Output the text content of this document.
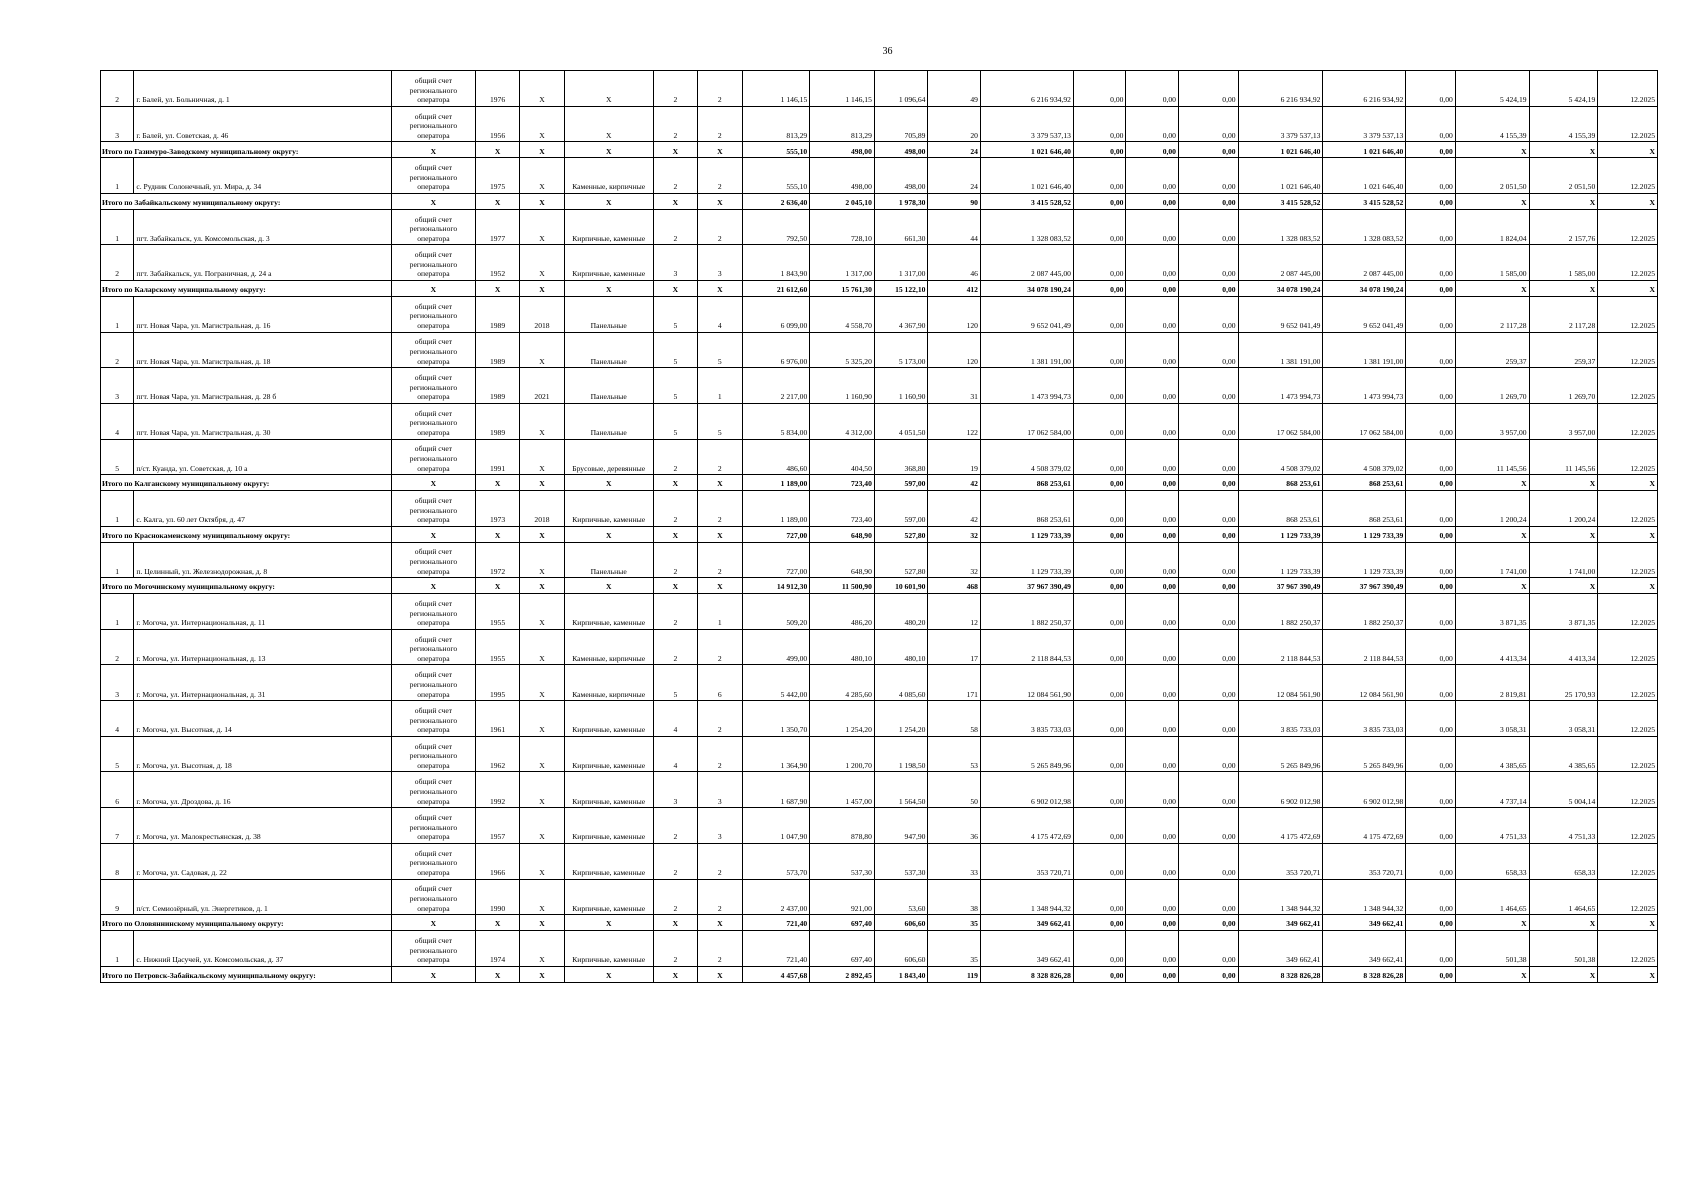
36
2	г. Балей, ул. Больничная, д. 1	общий счет регионального оператора	1976	X	X	2	2	1 146,15	1 146,15	1 096,64	49	6 216 934,92	0,00	0,00	0,00	6 216 934,92	6 216 934,92	0,00	5 424,19	5 424,19	12.2025
3	г. Балей, ул. Советская, д. 46	общий счет регионального оператора	1956	X	X	2	2	813,29	813,29	705,89	20	3 379 537,13	0,00	0,00	0,00	3 379 537,13	3 379 537,13	0,00	4 155,39	4 155,39	12.2025
Итого по Газимуро-Заводскому муниципальному округу:		X	X	X	X	X	X	555,10	498,00	498,00	24	1 021 646,40	0,00	0,00	0,00	1 021 646,40	1 021 646,40	0,00	X	X	X
1	с. Рудник Солонечный, ул. Мира, д. 34	общий счет регионального оператора	1975	X	Каменные, кирпичные	2	2	555,10	498,00	498,00	24	1 021 646,40	0,00	0,00	0,00	1 021 646,40	1 021 646,40	0,00	2 051,50	2 051,50	12.2025
Итого по Забайкальскому муниципальному округу:		X	X	X	X	X	X	2 636,40	2 045,10	1 978,30	90	3 415 528,52	0,00	0,00	0,00	3 415 528,52	3 415 528,52	0,00	X	X	X
1	пгт. Забайкальск, ул. Комсомольская, д. 3	общий счет регионального оператора	1977	X	Кирпичные, каменные	2	2	792,50	728,10	661,30	44	1 328 083,52	0,00	0,00	0,00	1 328 083,52	1 328 083,52	0,00	1 824,04	2 157,76	12.2025
2	пгт. Забайкальск, ул. Пограничная, д. 24 а	общий счет регионального оператора	1952	X	Кирпичные, каменные	3	3	1 843,90	1 317,00	1 317,00	46	2 087 445,00	0,00	0,00	0,00	2 087 445,00	2 087 445,00	0,00	1 585,00	1 585,00	12.2025
Итого по Каларскому муниципальному округу:		X	X	X	X	X	X	21 612,60	15 761,30	15 122,10	412	34 078 190,24	0,00	0,00	0,00	34 078 190,24	34 078 190,24	0,00	X	X	X
1	пгт. Новая Чара, ул. Магистральная, д. 16	общий счет регионального оператора	1989	2018	Панельные	5	4	6 099,00	4 558,70	4 367,90	120	9 652 041,49	0,00	0,00	0,00	9 652 041,49	9 652 041,49	0,00	2 117,28	2 117,28	12.2025
2	пгт. Новая Чара, ул. Магистральная, д. 18	общий счет регионального оператора	1989	X	Панельные	5	5	6 976,00	5 325,20	5 173,00	120	1 381 191,00	0,00	0,00	0,00	1 381 191,00	1 381 191,00	0,00	259,37	259,37	12.2025
3	пгт. Новая Чара, ул. Магистральная, д. 28 б	общий счет регионального оператора	1989	2021	Панельные	5	1	2 217,00	1 160,90	1 160,90	31	1 473 994,73	0,00	0,00	0,00	1 473 994,73	1 473 994,73	0,00	1 269,70	1 269,70	12.2025
4	пгт. Новая Чара, ул. Магистральная, д. 30	общий счет регионального оператора	1989	X	Панельные	5	5	5 834,00	4 312,00	4 051,50	122	17 062 584,00	0,00	0,00	0,00	17 062 584,00	17 062 584,00	0,00	3 957,00	3 957,00	12.2025
5	п/ст. Куанда, ул. Советская, д. 10 а	общий счет регионального оператора	1991	X	Брусовые, деревянные	2	2	486,60	404,50	368,80	19	4 508 379,02	0,00	0,00	0,00	4 508 379,02	4 508 379,02	0,00	11 145,56	11 145,56	12.2025
Итого по Калганскому муниципальному округу:		X	X	X	X	X	X	1 189,00	723,40	597,00	42	868 253,61	0,00	0,00	0,00	868 253,61	868 253,61	0,00	X	X	X
1	с. Калга, ул. 60 лет Октября, д. 47	общий счет регионального оператора	1973	2018	Кирпичные, каменные	2	2	1 189,00	723,40	597,00	42	868 253,61	0,00	0,00	0,00	868 253,61	868 253,61	0,00	1 200,24	1 200,24	12.2025
Итого по Краснокаменскому муниципальному округу:		X	X	X	X	X	X	727,00	648,90	527,80	32	1 129 733,39	0,00	0,00	0,00	1 129 733,39	1 129 733,39	0,00	X	X	X
1	п. Целинный, ул. Железнодорожная, д. 8	общий счет регионального оператора	1972	X	Панельные	2	2	727,00	648,90	527,80	32	1 129 733,39	0,00	0,00	0,00	1 129 733,39	1 129 733,39	0,00	1 741,00	1 741,00	12.2025
Итого по Могочинскому муниципальному округу:		X	X	X	X	X	X	14 912,30	11 500,90	10 601,90	468	37 967 390,49	0,00	0,00	0,00	37 967 390,49	37 967 390,49	0,00	X	X	X
1	г. Могоча, ул. Интернациональная, д. 11	общий счет регионального оператора	1955	X	Кирпичные, каменные	2	1	509,20	486,20	480,20	12	1 882 250,37	0,00	0,00	0,00	1 882 250,37	1 882 250,37	0,00	3 871,35	3 871,35	12.2025
2	г. Могоча, ул. Интернациональная, д. 13	общий счет регионального оператора	1955	X	Каменные, кирпичные	2	2	499,00	480,10	480,10	17	2 118 844,53	0,00	0,00	0,00	2 118 844,53	2 118 844,53	0,00	4 413,34	4 413,34	12.2025
3	г. Могоча, ул. Интернациональная, д. 31	общий счет регионального оператора	1995	X	Каменные, кирпичные	5	6	5 442,00	4 285,60	4 085,60	171	12 084 561,90	0,00	0,00	0,00	12 084 561,90	12 084 561,90	0,00	2 819,81	25 170,93	12.2025
4	г. Могоча, ул. Высотная, д. 14	общий счет регионального оператора	1961	X	Кирпичные, каменные	4	2	1 350,70	1 254,20	1 254,20	58	3 835 733,03	0,00	0,00	0,00	3 835 733,03	3 835 733,03	0,00	3 058,31	3 058,31	12.2025
5	г. Могоча, ул. Высотная, д. 18	общий счет регионального оператора	1962	X	Кирпичные, каменные	4	2	1 364,90	1 200,70	1 198,50	53	5 265 849,96	0,00	0,00	0,00	5 265 849,96	5 265 849,96	0,00	4 385,65	4 385,65	12.2025
6	г. Могоча, ул. Дроздова, д. 16	общий счет регионального оператора	1992	X	Кирпичные, каменные	3	3	1 687,90	1 457,00	1 564,50	50	6 902 012,98	0,00	0,00	0,00	6 902 012,98	6 902 012,98	0,00	4 737,14	5 004,14	12.2025
7	г. Могоча, ул. Малокрестьянская, д. 38	общий счет регионального оператора	1957	X	Кирпичные, каменные	2	3	1 047,90	878,80	947,90	36	4 175 472,69	0,00	0,00	0,00	4 175 472,69	4 175 472,69	0,00	4 751,33	4 751,33	12.2025
8	г. Могоча, ул. Садовая, д. 22	общий счет регионального оператора	1966	X	Кирпичные, каменные	2	2	573,70	537,30	537,30	33	353 720,71	0,00	0,00	0,00	353 720,71	353 720,71	0,00	658,33	658,33	12.2025
9	п/ст. Семиозёрный, ул. Энергетиков, д. 1	общий счет регионального оператора	1990	X	Кирпичные, каменные	2	2	2 437,00	921,00	53,60	38	1 348 944,32	0,00	0,00	0,00	1 348 944,32	1 348 944,32	0,00	1 464,65	1 464,65	12.2025
Итого по Оловяннинскому муниципальному округу:		X	X	X	X	X	X	721,40	697,40	606,60	35	349 662,41	0,00	0,00	0,00	349 662,41	349 662,41	0,00	X	X	X
1	с. Нижний Цасучей, ул. Комсомольская, д. 37	общий счет регионального оператора	1974	X	Кирпичные, каменные	2	2	721,40	697,40	606,60	35	349 662,41	0,00	0,00	0,00	349 662,41	349 662,41	0,00	501,38	501,38	12.2025
Итого по Петровск-Забайкальскому муниципальному округу:		X	X	X	X	X	X	4 457,68	2 892,45	1 843,40	119	8 328 826,28	0,00	0,00	0,00	8 328 826,28	8 328 826,28	0,00	X	X	X
